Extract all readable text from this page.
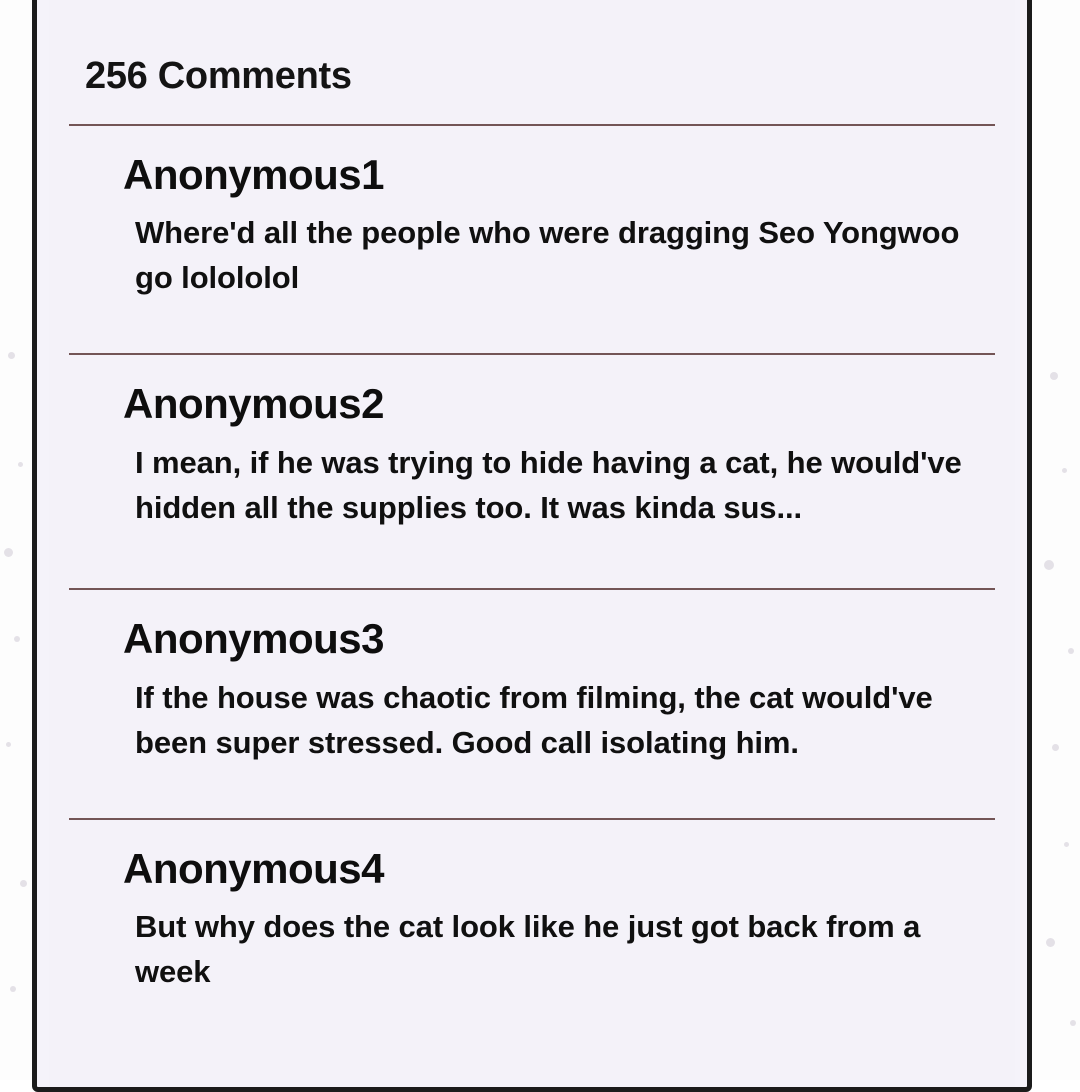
256 Comments
Anonymous1
Where'd all the people who were dragging Seo Yongwoo go lolololol
Anonymous2
I mean, if he was trying to hide having a cat, he would've hidden all the supplies too. It was kinda sus...
Anonymous3
If the house was chaotic from filming, the cat would've been super stressed. Good call isolating him.
Anonymous4
But why does the cat look like he just got back from a week
